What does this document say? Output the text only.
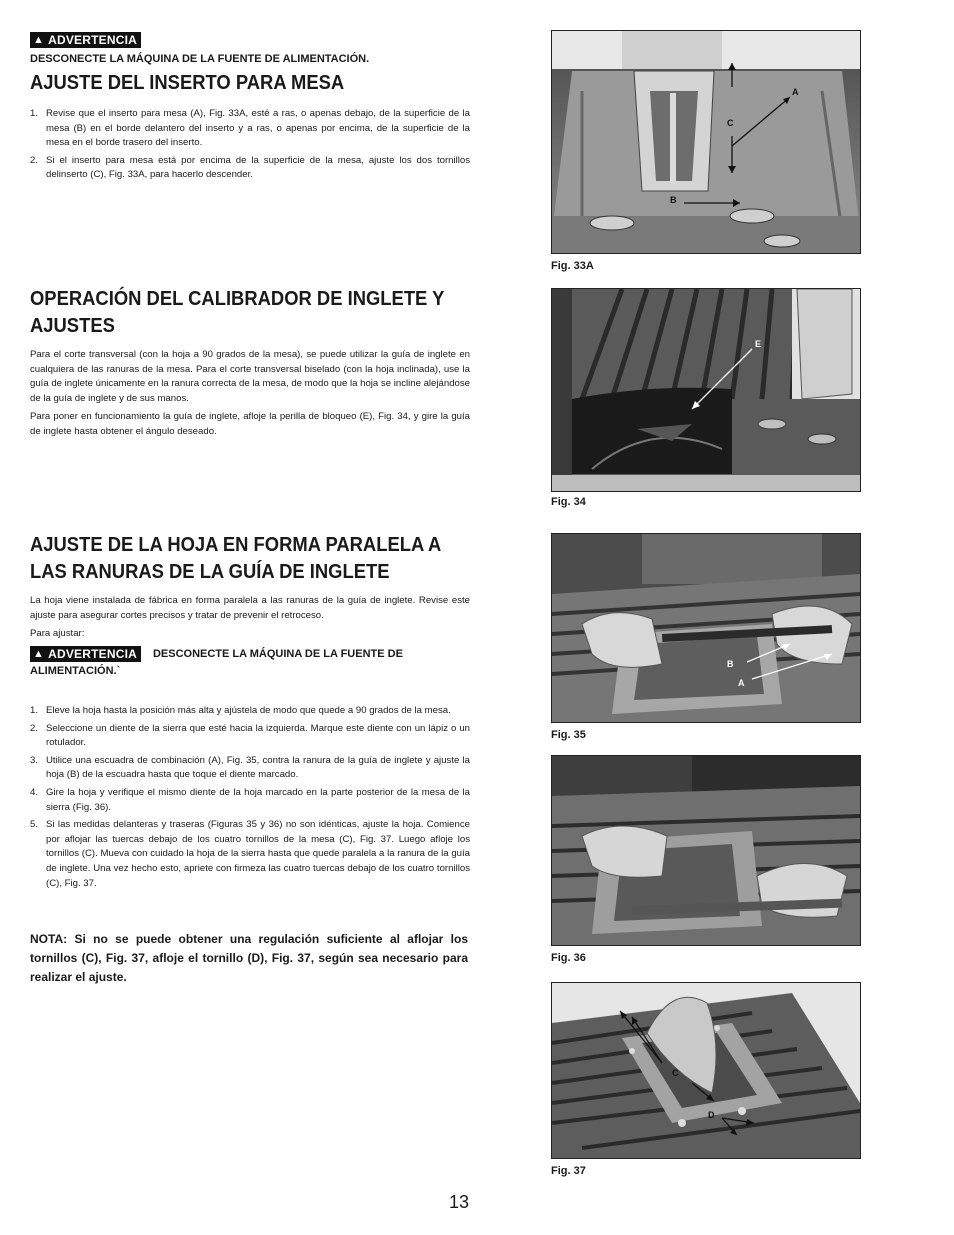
▲ ADVERTENCIA
DESCONECTE LA MÁQUINA DE LA FUENTE DE ALIMENTACIÓN.
AJUSTE DEL INSERTO PARA MESA
1. Revise que el inserto para mesa (A), Fig. 33A, esté a ras, o apenas debajo, de la superficie de la mesa (B) en el borde delantero del inserto y a ras, o apenas por encima, de la superficie de la mesa en el borde trasero del inserto.
2. Si el inserto para mesa está por encima de la superficie de la mesa, ajuste los dos tornillos delinserto (C), Fig. 33A, para hacerlo descender.
OPERACIÓN DEL CALIBRADOR DE INGLETE Y
AJUSTES

Para el corte transversal (con la hoja a 90 grados de la mesa), se puede utilizar la guía de inglete en cualquiera de las ranuras de la mesa. Para el corte transversal biselado (con la hoja inclinada), use la guía de inglete únicamente en la ranura correcta de la mesa, de modo que la hoja se incline alejándose de la guía de inglete y de sus manos.

Para poner en funcionamiento la guía de inglete, afloje la perilla de bloqueo (E), Fig. 34, y gire la guía de inglete hasta obtener el ángulo deseado.

AJUSTE DE LA HOJA EN FORMA PARALELA A
LAS RANURAS DE LA GUÍA DE INGLETE

La hoja viene instalada de fábrica en forma paralela a las ranuras de la guía de inglete. Revise este ajuste para asegurar cortes precisos y tratar de prevenir el retroceso.

Para ajustar:

▲ ADVERTENCIA DESCONECTE LA MÁQUINA DE LA FUENTE DE
ALIMENTACIÓN.`
1. Eleve la hoja hasta la posición más alta y ajústela de modo que quede a 90 grados de la mesa.
2. Seleccione un diente de la sierra que esté hacia la izquierda. Marque este diente con un lápiz o un rotulador.
3. Utilice una escuadra de combinación (A), Fig. 35, contra la ranura de la guía de inglete y ajuste la hoja (B) de la escuadra hasta que toque el diente marcado.
4. Gire la hoja y verifique el mismo diente de la hoja marcado en la parte posterior de la mesa de la sierra (Fig. 36).
5. Si las medidas delanteras y traseras (Figuras 35 y 36) no son idénticas, ajuste la hoja. Comience por aflojar las tuercas debajo de los cuatro tornillos de la mesa (C), Fig. 37. Luego afloje los tornillos (C). Mueva con cuidado la hoja de la sierra hasta que quede paralela a la ranura de la guía de inglete. Una vez hecho esto, apriete con firmeza las cuatro tuercas debajo de los cuatro tornillos (C), Fig. 37.

NOTA: Si no se puede obtener una regulación suficiente al aflojar los tornillos (C), Fig. 37, afloje el tornillo (D), Fig. 37, según sea necesario para realizar el ajuste.

A
C
B
Fig. 33A
E
Fig. 34
B
A
Fig. 35
Fig. 36
C
D
Fig. 37
13
